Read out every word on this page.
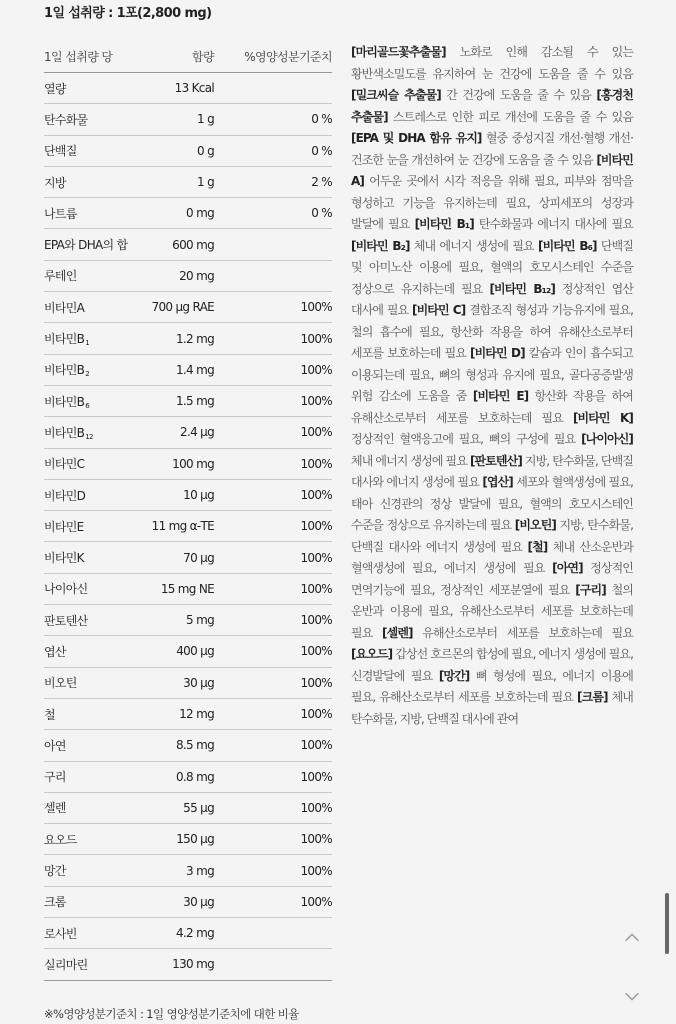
1일 섭취량 : 1포(2,800 mg)
1일 섭취량 당	함량	%영양성분기준치
열량	13 Kcal
탄수화물	1 g	0 %
단백질	0 g	0 %
지방	1 g	2 %
나트륨	0 mg	0 %
EPA와 DHA의 합	600 mg
루테인	20 mg
비타민A	700 μg RAE	100%
비타민$B_1$	1.2 mg	100%
비타민$B_2$	1.4 mg	100%
비타민$B_6$	1.5 mg	100%
비타민$B_{12}$	2.4 μg	100%
비타민C	100 mg	100%
비타민D	10 μg	100%
비타민E	11 mg α-TE	100%
비타민K	70 μg	100%
나이아신	15 mg NE	100%
판토텐산	5 mg	100%
엽산	400 μg	100%
비오틴	30 μg	100%
철	12 mg	100%
아연	8.5 mg	100%
구리	0.8 mg	100%
셀렌	55 μg	100%
요오드	150 μg	100%
망간	3 mg	100%
크롬	30 μg	100%
로사빈	4.2 mg
실리마린	130 mg
※%영양성분기준치 : 1일 영양성분기준치에 대한 비율
[마리골드꽃추출물] 노화로 인해 감소될 수 있는 황반색소밀도를 유지하여 눈 건강에 도움을 줄 수 있음 [밀크씨슬 추출물] 간 건강에 도움을 줄 수 있음 [홍경천 추출물] 스트레스로 인한 피로 개선에 도움을 줄 수 있음 [EPA 및 DHA 함유 유지] 혈중 중성지질 개선·혈행 개선·건조한 눈을 개선하여 눈 건강에 도움을 줄 수 있음 [비타민 A] 어두운 곳에서 시각 적응을 위해 필요, 피부와 점막을 형성하고 기능을 유지하는데 필요, 상피세포의 성장과 발달에 필요 [비타민 B₁] 탄수화물과 에너지 대사에 필요 [비타민 B₂] 체내 에너지 생성에 필요 [비타민 B₆] 단백질 및 아미노산 이용에 필요, 혈액의 호모시스테인 수준을 정상으로 유지하는데 필요 [비타민 B₁₂] 정상적인 엽산 대사에 필요 [비타민 C] 결합조직 형성과 기능유지에 필요, 철의 흡수에 필요, 항산화 작용을 하여 유해산소로부터 세포를 보호하는데 필요 [비타민 D] 칼슘과 인이 흡수되고 이용되는데 필요, 뼈의 형성과 유지에 필요, 골다공증발생 위험 감소에 도움을 줌 [비타민 E] 항산화 작용을 하여 유해산소로부터 세포를 보호하는데 필요 [비타민 K] 정상적인 혈액응고에 필요, 뼈의 구성에 필요 [나이아신] 체내 에너지 생성에 필요 [판토텐산] 지방, 탄수화물, 단백질 대사와 에너지 생성에 필요 [엽산] 세포와 혈액생성에 필요, 태아 신경관의 정상 발달에 필요, 혈액의 호모시스테인 수준을 정상으로 유지하는데 필요 [비오틴] 지방, 탄수화물, 단백질 대사와 에너지 생성에 필요 [철] 체내 산소운반과 혈액생성에 필요, 에너지 생성에 필요 [아연] 정상적인 면역기능에 필요, 정상적인 세포분열에 필요 [구리] 철의 운반과 이용에 필요, 유해산소로부터 세포를 보호하는데 필요 [셀렌] 유해산소로부터 세포를 보호하는데 필요 [요오드] 갑상선 호르몬의 합성에 필요, 에너지 생성에 필요, 신경발달에 필요 [망간] 뼈 형성에 필요, 에너지 이용에 필요, 유해산소로부터 세포를 보호하는데 필요 [크롬] 체내 탄수화물, 지방, 단백질 대사에 관여
